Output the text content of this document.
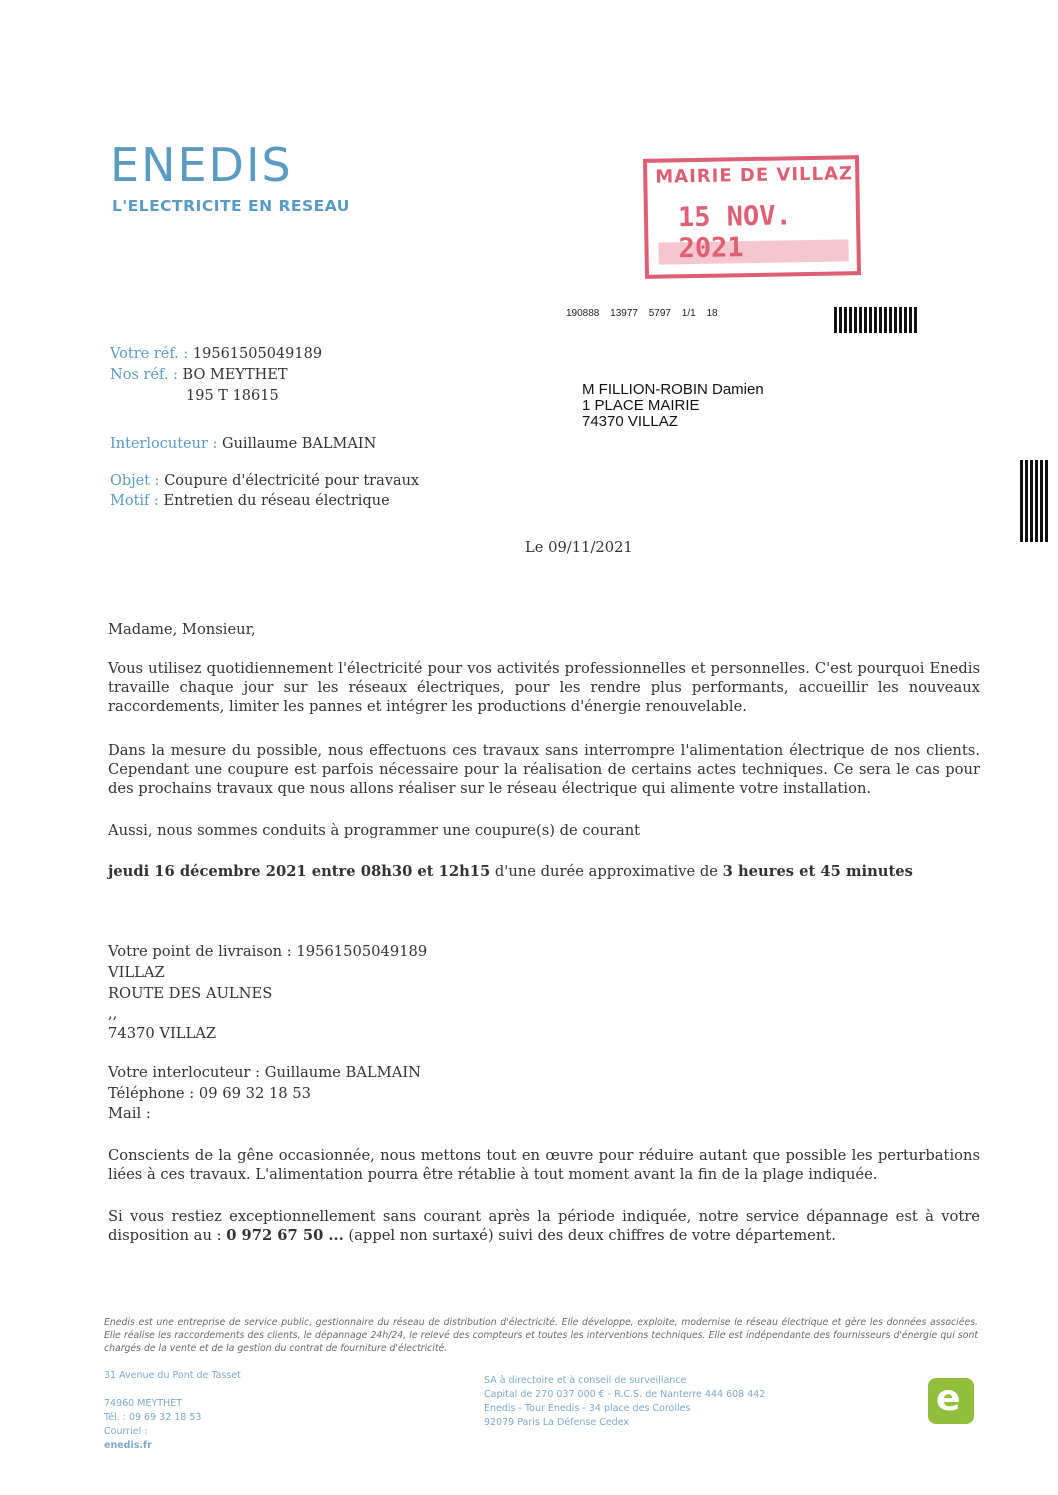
ENEDIS
L'ELECTRICITE EN RESEAU
MAIRIE DE VILLAZ
15 NOV. 2021
190888 13977 5797 1/1 18
Votre réf. : 19561505049189
Nos réf. : BO MEYTHET
195 T 18615
Interlocuteur : Guillaume BALMAIN
Objet : Coupure d'électricité pour travaux
Motif : Entretien du réseau électrique
M FILLION-ROBIN Damien
1 PLACE MAIRIE
74370 VILLAZ
Le 09/11/2021
Madame, Monsieur,
Vous utilisez quotidiennement l'électricité pour vos activités professionnelles et personnelles. C'est pourquoi Enedis travaille chaque jour sur les réseaux électriques, pour les rendre plus performants, accueillir les nouveaux raccordements, limiter les pannes et intégrer les productions d'énergie renouvelable.
Dans la mesure du possible, nous effectuons ces travaux sans interrompre l'alimentation électrique de nos clients. Cependant une coupure est parfois nécessaire pour la réalisation de certains actes techniques. Ce sera le cas pour des prochains travaux que nous allons réaliser sur le réseau électrique qui alimente votre installation.
Aussi, nous sommes conduits à programmer une coupure(s) de courant
jeudi 16 décembre 2021 entre 08h30 et 12h15 d'une durée approximative de 3 heures et 45 minutes
Votre point de livraison : 19561505049189
VILLAZ
ROUTE DES AULNES
,,
74370 VILLAZ
Votre interlocuteur : Guillaume BALMAIN
Téléphone : 09 69 32 18 53
Mail :
Conscients de la gêne occasionnée, nous mettons tout en œuvre pour réduire autant que possible les perturbations liées à ces travaux. L'alimentation pourra être rétablie à tout moment avant la fin de la plage indiquée.
Si vous restiez exceptionnellement sans courant après la période indiquée, notre service dépannage est à votre disposition au : 0 972 67 50 ... (appel non surtaxé) suivi des deux chiffres de votre département.
Enedis est une entreprise de service public, gestionnaire du réseau de distribution d'électricité. Elle développe, exploite, modernise le réseau électrique et gère les données associées. Elle réalise les raccordements des clients, le dépannage 24h/24, le relevé des compteurs et toutes les interventions techniques. Elle est indépendante des fournisseurs d'énergie qui sont chargés de la vente et de la gestion du contrat de fourniture d'électricité.
31 Avenue du Pont de Tasset
74960 MEYTHET
Tél. : 09 69 32 18 53
Courriel :
enedis.fr
SA à directoire et à conseil de surveillance
Capital de 270 037 000 € - R.C.S. de Nanterre 444 608 442
Enedis - Tour Enedis - 34 place des Corolles
92079 Paris La Défense Cedex
e
